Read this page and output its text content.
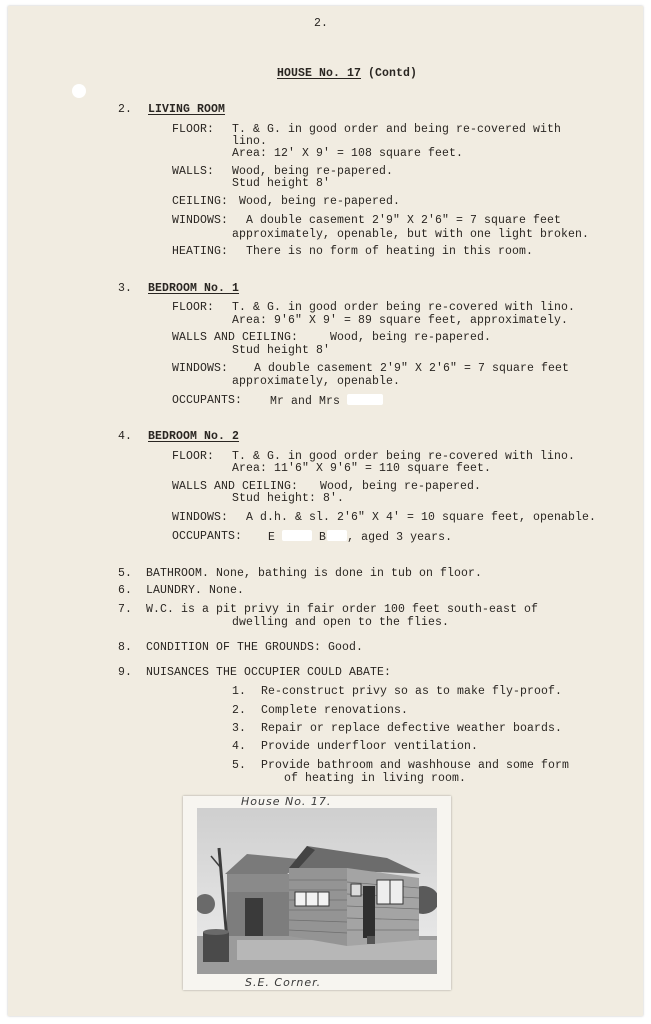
2.
HOUSE No. 17 (Contd)
2. LIVING ROOM
FLOOR: T. & G. in good order and being re-covered with
lino.
Area: 12' X 9' = 108 square feet.
WALLS: Wood, being re-papered.
Stud height 8'
CEILING: Wood, being re-papered.
WINDOWS: A double casement 2'9" X 2'6" = 7 square feet
approximately, openable, but with one light broken.
HEATING: There is no form of heating in this room.
3. BEDROOM No. 1
FLOOR: T. & G. in good order being re-covered with lino.
Area: 9'6" X 9' = 89 square feet, approximately.
WALLS AND CEILING:	Wood, being re-papered.
Stud height 8'
WINDOWS: A double casement 2'9" X 2'6" = 7 square feet
approximately, openable.
OCCUPANTS: Mr and Mrs
4. BEDROOM No. 2
FLOOR: T. & G. in good order being re-covered with lino.
Area: 11'6" X 9'6" = 110 square feet.
WALLS AND CEILING: Wood, being re-papered.
Stud height: 8'.
WINDOWS: A d.h. & sl. 2'6" X 4' = 10 square feet, openable.
OCCUPANTS: E	B , aged 3 years.
5. BATHROOM. None, bathing is done in tub on floor.
6. LAUNDRY. None.
7. W.C. is a pit privy in fair order 100 feet south-east of
dwelling and open to the flies.
8. CONDITION OF THE GROUNDS: Good.
9. NUISANCES THE OCCUPIER COULD ABATE:
1. Re-construct privy so as to make fly-proof.
2. Complete renovations.
3. Repair or replace defective weather boards.
4. Provide underfloor ventilation.
5. Provide bathroom and washhouse and some form
of heating in living room.
House No. 17.
S.E. Corner.
